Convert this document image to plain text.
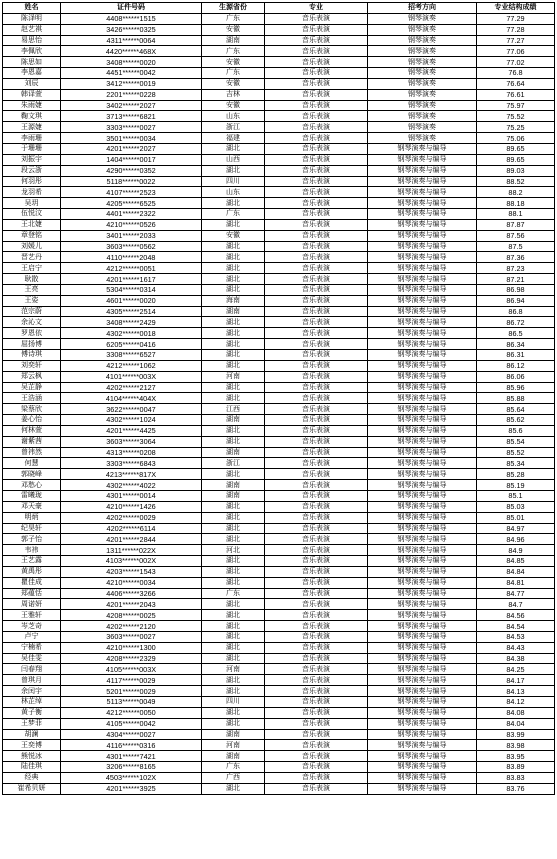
姓名	证件号码	生源省份	专业	招考方向	专业结构成绩
陈泽明	4408******1515	广东	音乐表演	钢琴演奏	77.29
赵艺祺	3426******0325	安徽	音乐表演	钢琴演奏	77.28
易思怡	4311******0064	湖南	音乐表演	钢琴演奏	77.27
李佩欣	4420******468X	广东	音乐表演	钢琴演奏	77.06
陈思如	3408******0020	安徽	音乐表演	钢琴演奏	77.02
李恩嘉	4451******0042	广东	音乐表演	钢琴演奏	76.8
刘辰	3412******0019	安徽	音乐表演	钢琴演奏	76.64
韩译萱	2201******0228	吉林	音乐表演	钢琴演奏	76.61
朱雨婕	3402******2027	安徽	音乐表演	钢琴演奏	75.97
鞠文琪	3713******6821	山东	音乐表演	钢琴演奏	75.52
王源婕	3303******0027	浙江	音乐表演	钢琴演奏	75.25
李雨珊	3501******0034	福建	音乐表演	钢琴演奏	75.06
于珊珊	4201******2027	湖北	音乐表演	钢琴演奏与编导	89.65
刘振宇	1404******0017	山西	音乐表演	钢琴演奏与编导	89.65
段云浙	4290******0352	湖北	音乐表演	钢琴演奏与编导	89.03
何羽彤	5118******0022	四川	音乐表演	钢琴演奏与编导	88.52
龙羽希	4107******2523	山东	音乐表演	钢琴演奏与编导	88.2
吴玥	4205******6525	湖北	音乐表演	钢琴演奏与编导	88.18
伍悦汶	4401******2322	广东	音乐表演	钢琴演奏与编导	88.1
王北婕	4210******0526	湖北	音乐表演	钢琴演奏与编导	87.87
章登铭	3401******2033	安徽	音乐表演	钢琴演奏与编导	87.56
刘媛儿	3603******0562	湖北	音乐表演	钢琴演奏与编导	87.5
晋艺丹	4110******2048	湖北	音乐表演	钢琴演奏与编导	87.36
王启宁	4212******0051	湖北	音乐表演	钢琴演奏与编导	87.23
耿散	4201******1617	湖北	音乐表演	钢琴演奏与编导	87.21
王亮	5304******0314	湖北	音乐表演	钢琴演奏与编导	86.98
王姿	4601******0020	海南	音乐表演	钢琴演奏与编导	86.94
范宗蔚	4305******2514	湖南	音乐表演	钢琴演奏与编导	86.8
余沁文	3408******2429	湖北	音乐表演	钢琴演奏与编导	86.72
罗恩依	4302******0018	湖北	音乐表演	钢琴演奏与编导	86.5
屈扬博	6205******0416	湖北	音乐表演	钢琴演奏与编导	86.34
傅诗琪	3308******6527	湖北	音乐表演	钢琴演奏与编导	86.31
刘奕轩	4212******1062	湖北	音乐表演	钢琴演奏与编导	86.12
郑云枫	4101******003X	河南	音乐表演	钢琴演奏与编导	86.06
吴芷静	4202******2127	湖北	音乐表演	钢琴演奏与编导	85.96
王浩涵	4104******404X	湖北	音乐表演	钢琴演奏与编导	85.88
梁蔡欣	3622******0047	江西	音乐表演	钢琴演奏与编导	85.64
姜心怡	4302******1024	湖南	音乐表演	钢琴演奏与编导	85.62
何林萱	4201******4425	湖北	音乐表演	钢琴演奏与编导	85.6
谢紫茜	3603******3064	湖北	音乐表演	钢琴演奏与编导	85.54
曾祎然	4313******0208	湖南	音乐表演	钢琴演奏与编导	85.52
何慧	3303******6843	浙江	音乐表演	钢琴演奏与编导	85.34
郭晓峰	4213******817X	湖北	音乐表演	钢琴演奏与编导	85.28
邓愁心	4302******4022	湖南	音乐表演	钢琴演奏与编导	85.19
雷曦珑	4301******0014	湖南	音乐表演	钢琴演奏与编导	85.1
邓天豪	4210******1426	湖北	音乐表演	钢琴演奏与编导	85.03
明炳	4202******0029	湖北	音乐表演	钢琴演奏与编导	85.01
纪昊轩	4202******6114	湖北	音乐表演	钢琴演奏与编导	84.97
郭子怡	4201******2844	湖北	音乐表演	钢琴演奏与编导	84.96
韦祎	1311******022X	河北	音乐表演	钢琴演奏与编导	84.9
王艺露	4103******002X	湖北	音乐表演	钢琴演奏与编导	84.85
黄禹彤	4203******1543	湖北	音乐表演	钢琴演奏与编导	84.84
瞿佳成	4210******0034	湖北	音乐表演	钢琴演奏与编导	84.81
郑蕴恬	4406******3266	广东	音乐表演	钢琴演奏与编导	84.77
周诺妍	4201******2043	湖北	音乐表演	钢琴演奏与编导	84.7
王雅轩	4208******0025	湖北	音乐表演	钢琴演奏与编导	84.56
岑芝奇	4202******2120	湖北	音乐表演	钢琴演奏与编导	84.54
卢宁	3603******0027	湖北	音乐表演	钢琴演奏与编导	84.53
宁楠希	4210******1300	湖北	音乐表演	钢琴演奏与编导	84.43
吴佳雯	4208******2329	湖北	音乐表演	钢琴演奏与编导	84.38
闫春翔	4105******003X	河南	音乐表演	钢琴演奏与编导	84.25
曾琪月	4117******0029	湖北	音乐表演	钢琴演奏与编导	84.17
余闰宇	5201******0029	湖北	音乐表演	钢琴演奏与编导	84.13
林芷绰	5113******0049	四川	音乐表演	钢琴演奏与编导	84.12
黄子衡	4212******0050	湖北	音乐表演	钢琴演奏与编导	84.08
王梦菲	4105******0042	湖北	音乐表演	钢琴演奏与编导	84.04
胡澜	4304******0027	湖南	音乐表演	钢琴演奏与编导	83.99
王奕博	4116******0316	河南	音乐表演	钢琴演奏与编导	83.98
熊悦冰	4301******7421	湖南	音乐表演	钢琴演奏与编导	83.95
陆佳琪	3206******8165	广东	音乐表演	钢琴演奏与编导	83.89
经典	4503******102X	广西	音乐表演	钢琴演奏与编导	83.83
崔希贝妍	4201******3925	湖北	音乐表演	钢琴演奏与编导	83.76
